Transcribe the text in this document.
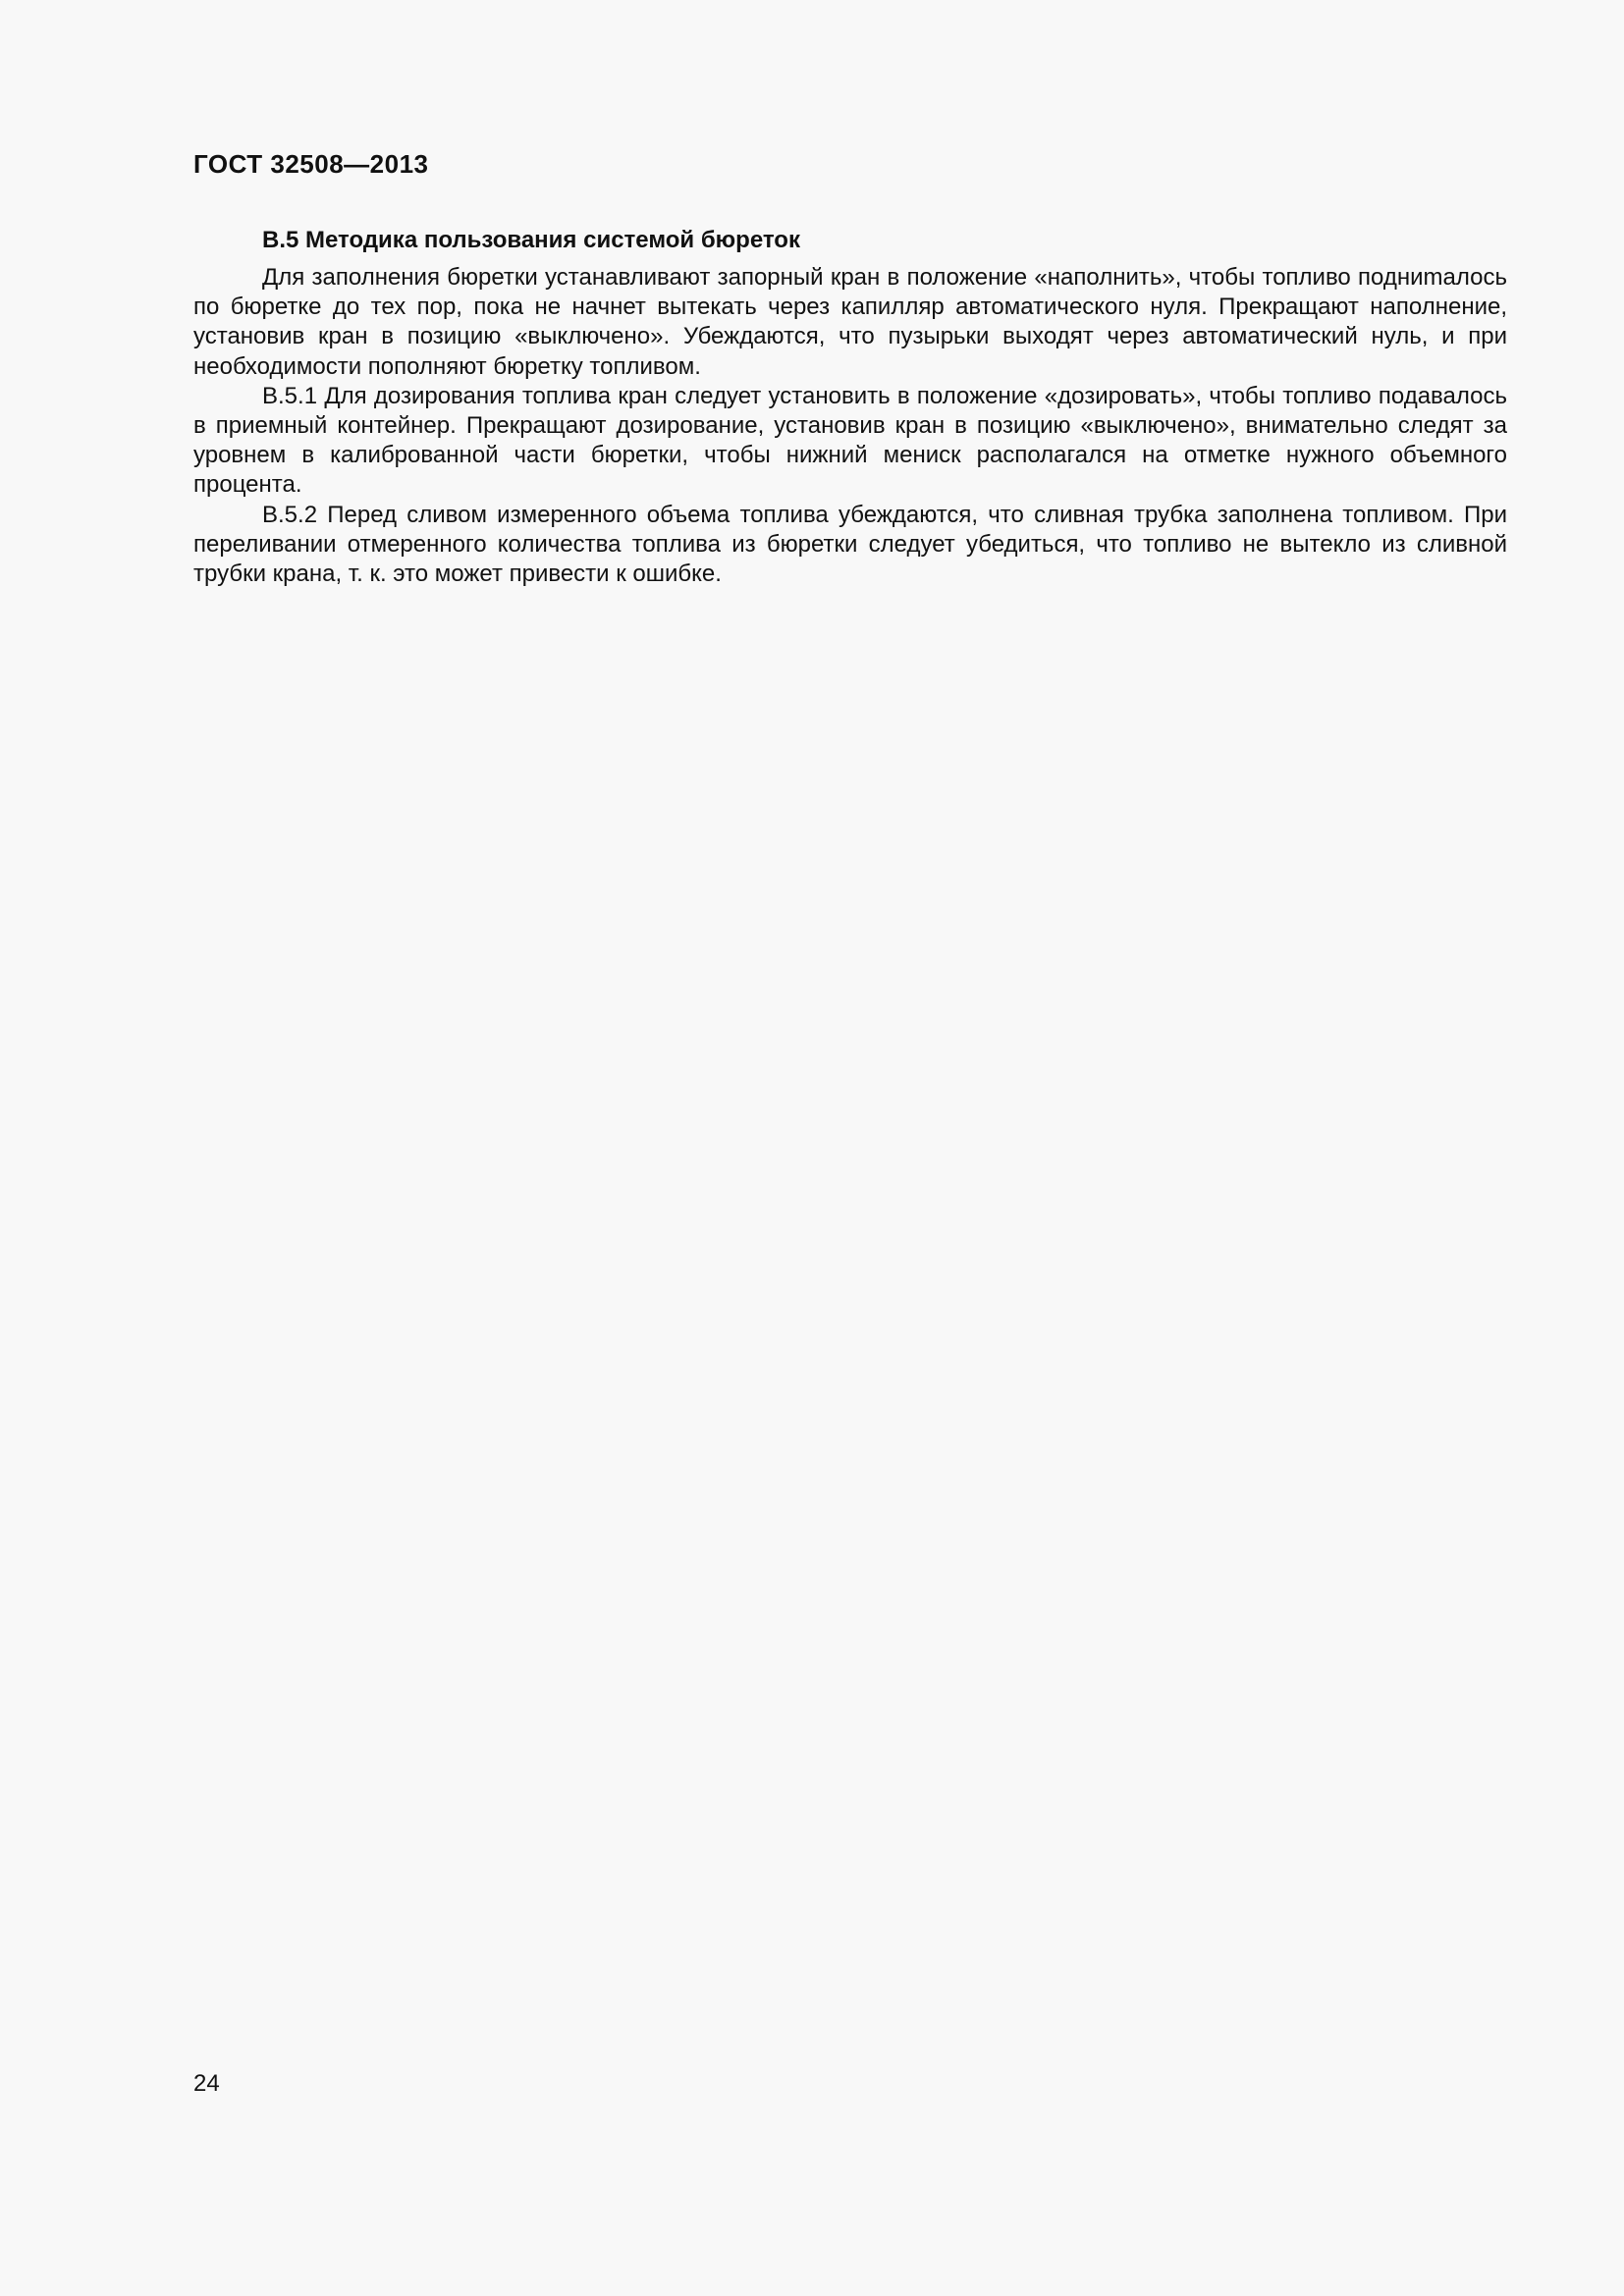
ГОСТ 32508—2013
В.5 Методика пользования системой бюреток

Для заполнения бюретки устанавливают запорный кран в положение «наполнить», чтобы топливо подниmалось по бюретке до тех пор, пока не начнет вытекать через капилляр автоматического нуля. Прекращают наполнение, установив кран в позицию «выключено». Убеждаются, что пузырьки выходят через автоматический нуль, и при необходимости пополняют бюретку топливом.

В.5.1 Для дозирования топлива кран следует установить в положение «дозировать», чтобы топливо подавалось в приемный контейнер. Прекращают дозирование, установив кран в позицию «выключено», внимательно следят за уровнем в калиброванной части бюретки, чтобы нижний мениск располагался на отметке нужного объемного процента.

В.5.2 Перед сливом измеренного объема топлива убеждаются, что сливная трубка заполнена топливом. При переливании отмеренного количества топлива из бюретки следует убедиться, что топливо не вытекло из сливной трубки крана, т. к. это может привести к ошибке.

24
